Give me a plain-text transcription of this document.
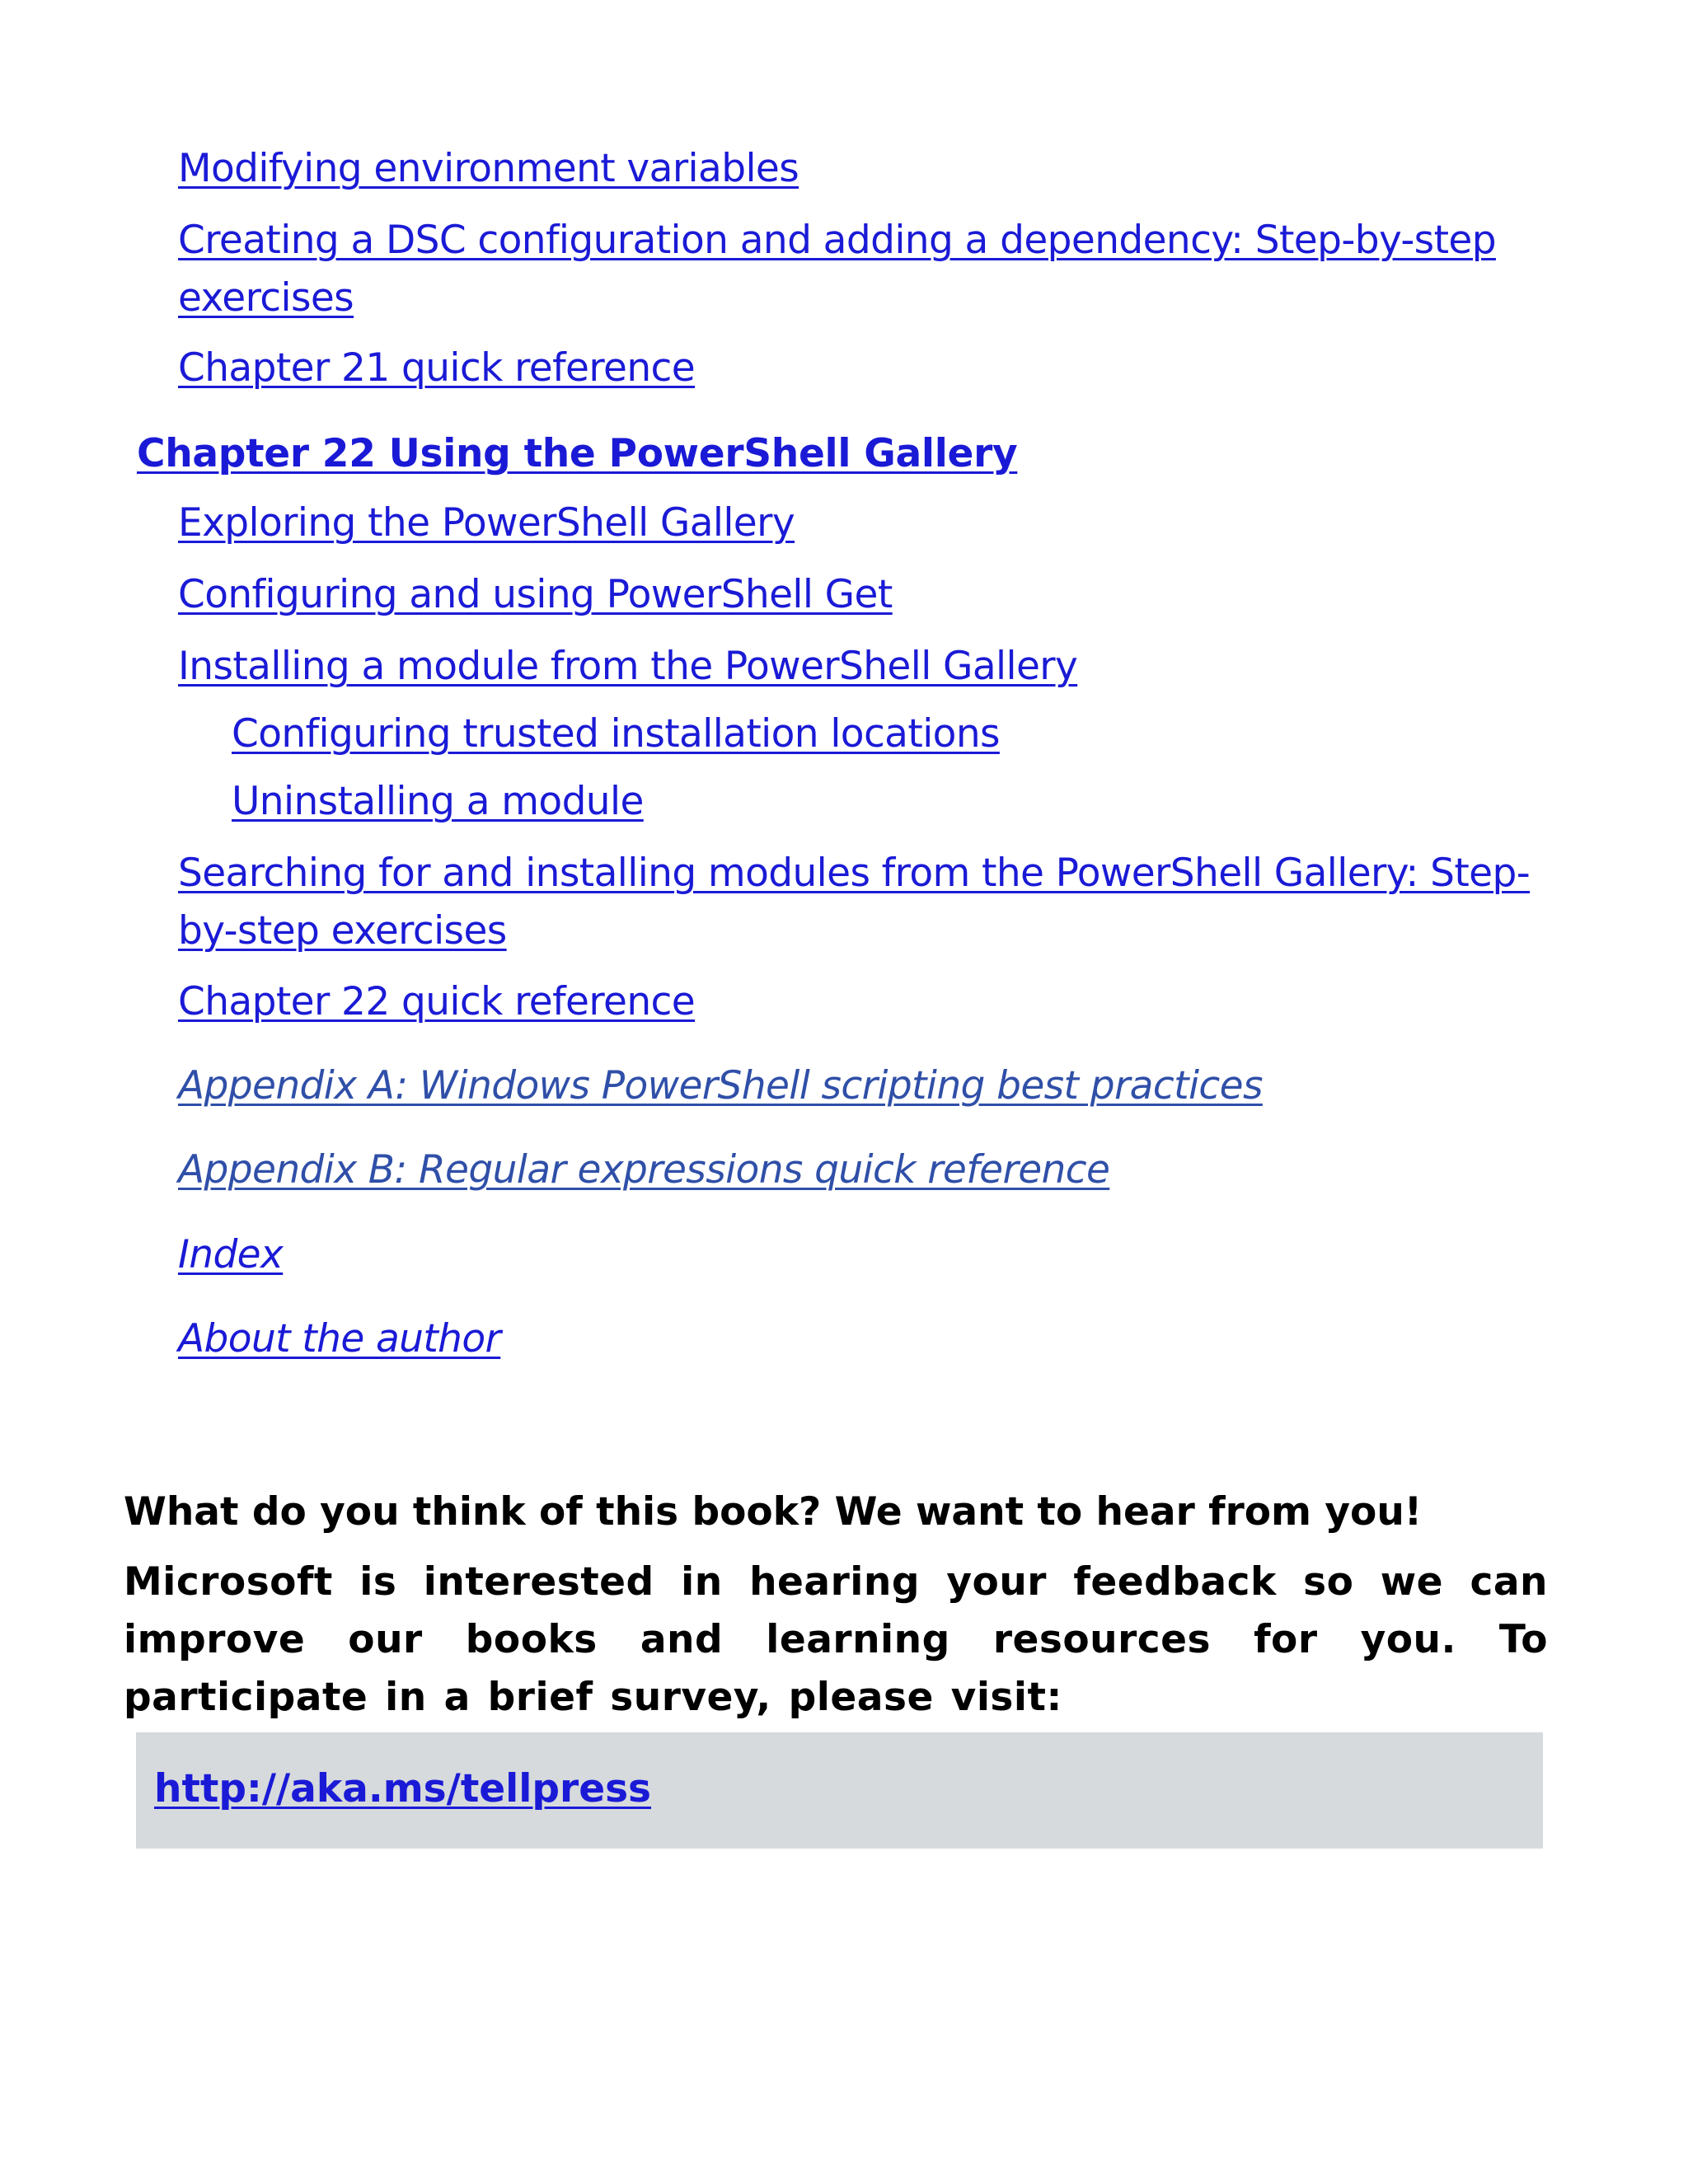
Modifying environment variables
Creating a DSC configuration and adding a dependency: Step-by-step exercises
Chapter 21 quick reference
Chapter 22 Using the PowerShell Gallery
Exploring the PowerShell Gallery
Configuring and using PowerShell Get
Installing a module from the PowerShell Gallery
Configuring trusted installation locations
Uninstalling a module
Searching for and installing modules from the PowerShell Gallery: Step-by-step exercises
Chapter 22 quick reference
Appendix A: Windows PowerShell scripting best practices
Appendix B: Regular expressions quick reference
Index
About the author
What do you think of this book? We want to hear from you!
Microsoft is interested in hearing your feedback so we can improve our books and learning resources for you. To participate in a brief survey, please visit:
http://aka.ms/tellpress
